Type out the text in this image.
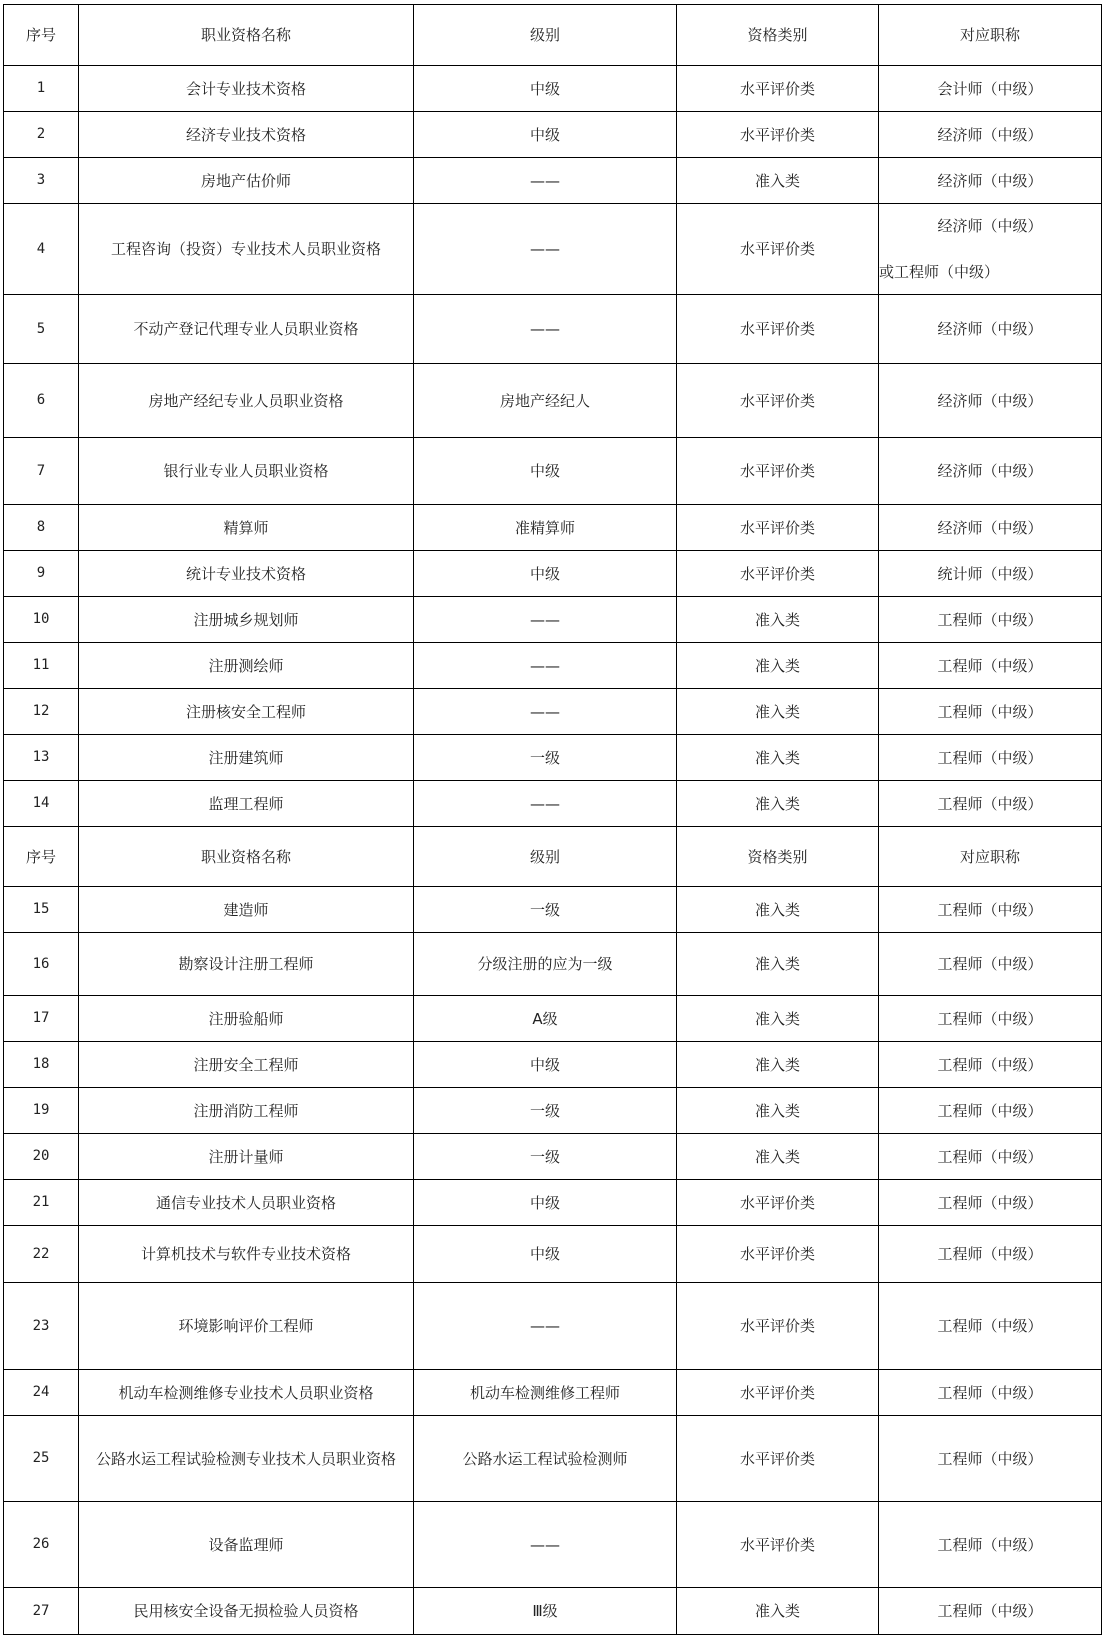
序号	职业资格名称	级别	资格类别	对应职称
1	会计专业技术资格	中级	水平评价类	会计师（中级）
2	经济专业技术资格	中级	水平评价类	经济师（中级）
3	房地产估价师	——	准入类	经济师（中级）
4	工程咨询（投资）专业技术人员职业资格	——	水平评价类	经济师（中级）
或工程师（中级）

5	不动产登记代理专业人员职业资格	——	水平评价类	经济师（中级）
6	房地产经纪专业人员职业资格	房地产经纪人	水平评价类	经济师（中级）
7	银行业专业人员职业资格	中级	水平评价类	经济师（中级）
8	精算师	准精算师	水平评价类	经济师（中级）
9	统计专业技术资格	中级	水平评价类	统计师（中级）
10	注册城乡规划师	——	准入类	工程师（中级）
11	注册测绘师	——	准入类	工程师（中级）
12	注册核安全工程师	——	准入类	工程师（中级）
13	注册建筑师	一级	准入类	工程师（中级）
14	监理工程师	——	准入类	工程师（中级）
序号	职业资格名称	级别	资格类别	对应职称
15	建造师	一级	准入类	工程师（中级）
16	勘察设计注册工程师	分级注册的应为一级	准入类	工程师（中级）
17	注册验船师	A级	准入类	工程师（中级）
18	注册安全工程师	中级	准入类	工程师（中级）
19	注册消防工程师	一级	准入类	工程师（中级）
20	注册计量师	一级	准入类	工程师（中级）
21	通信专业技术人员职业资格	中级	水平评价类	工程师（中级）
22	计算机技术与软件专业技术资格	中级	水平评价类	工程师（中级）
23	环境影响评价工程师	——	水平评价类	工程师（中级）
24	机动车检测维修专业技术人员职业资格	机动车检测维修工程师	水平评价类	工程师（中级）
25	公路水运工程试验检测专业技术人员职业资格	公路水运工程试验检测师	水平评价类	工程师（中级）
26	设备监理师	——	水平评价类	工程师（中级）
27	民用核安全设备无损检验人员资格	Ⅲ级	准入类	工程师（中级）
